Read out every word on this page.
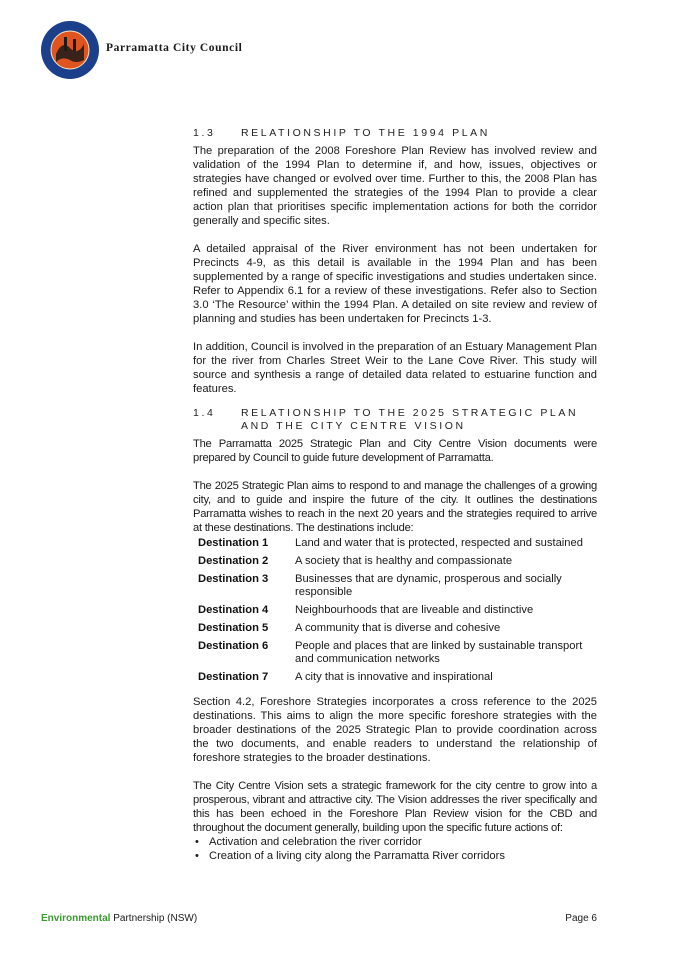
Parramatta City Council
1.3	RELATIONSHIP TO THE 1994 PLAN

The preparation of the 2008 Foreshore Plan Review has involved review and validation of the 1994 Plan to determine if, and how, issues, objectives or strategies have changed or evolved over time. Further to this, the 2008 Plan has refined and supplemented the strategies of the 1994 Plan to provide a clear action plan that prioritises specific implementation actions for both the corridor generally and specific sites.

A detailed appraisal of the River environment has not been undertaken for Precincts 4-9, as this detail is available in the 1994 Plan and has been supplemented by a range of specific investigations and studies undertaken since. Refer to Appendix 6.1 for a review of these investigations. Refer also to Section 3.0 ‘The Resource’ within the 1994 Plan. A detailed on site review and review of planning and studies has been undertaken for Precincts 1-3.

In addition, Council is involved in the preparation of an Estuary Management Plan for the river from Charles Street Weir to the Lane Cove River. This study will source and synthesis a range of detailed data related to estuarine function and features.

1.4	RELATIONSHIP TO THE 2025 STRATEGIC PLAN AND THE CITY CENTRE VISION

The Parramatta 2025 Strategic Plan and City Centre Vision documents were prepared by Council to guide future development of Parramatta.

The 2025 Strategic Plan aims to respond to and manage the challenges of a growing city, and to guide and inspire the future of the city. It outlines the destinations Parramatta wishes to reach in the next 20 years and the strategies required to arrive at these destinations. The destinations include:

Destination 1	Land and water that is protected, respected and sustained
Destination 2	A society that is healthy and compassionate
Destination 3	Businesses that are dynamic, prosperous and socially responsible
Destination 4	Neighbourhoods that are liveable and distinctive
Destination 5	A community that is diverse and cohesive
Destination 6	People and places that are linked by sustainable transport and communication networks
Destination 7	A city that is innovative and inspirational

Section 4.2, Foreshore Strategies incorporates a cross reference to the 2025 destinations. This aims to align the more specific foreshore strategies with the broader destinations of the 2025 Strategic Plan to provide coordination across the two documents, and enable readers to understand the relationship of foreshore strategies to the broader destinations.

The City Centre Vision sets a strategic framework for the city centre to grow into a prosperous, vibrant and attractive city. The Vision addresses the river specifically and this has been echoed in the Foreshore Plan Review vision for the CBD and throughout the document generally, building upon the specific future actions of:

• Activation and celebration the river corridor
• Creation of a living city along the Parramatta River corridors
Environmental Partnership (NSW)	Page 6
